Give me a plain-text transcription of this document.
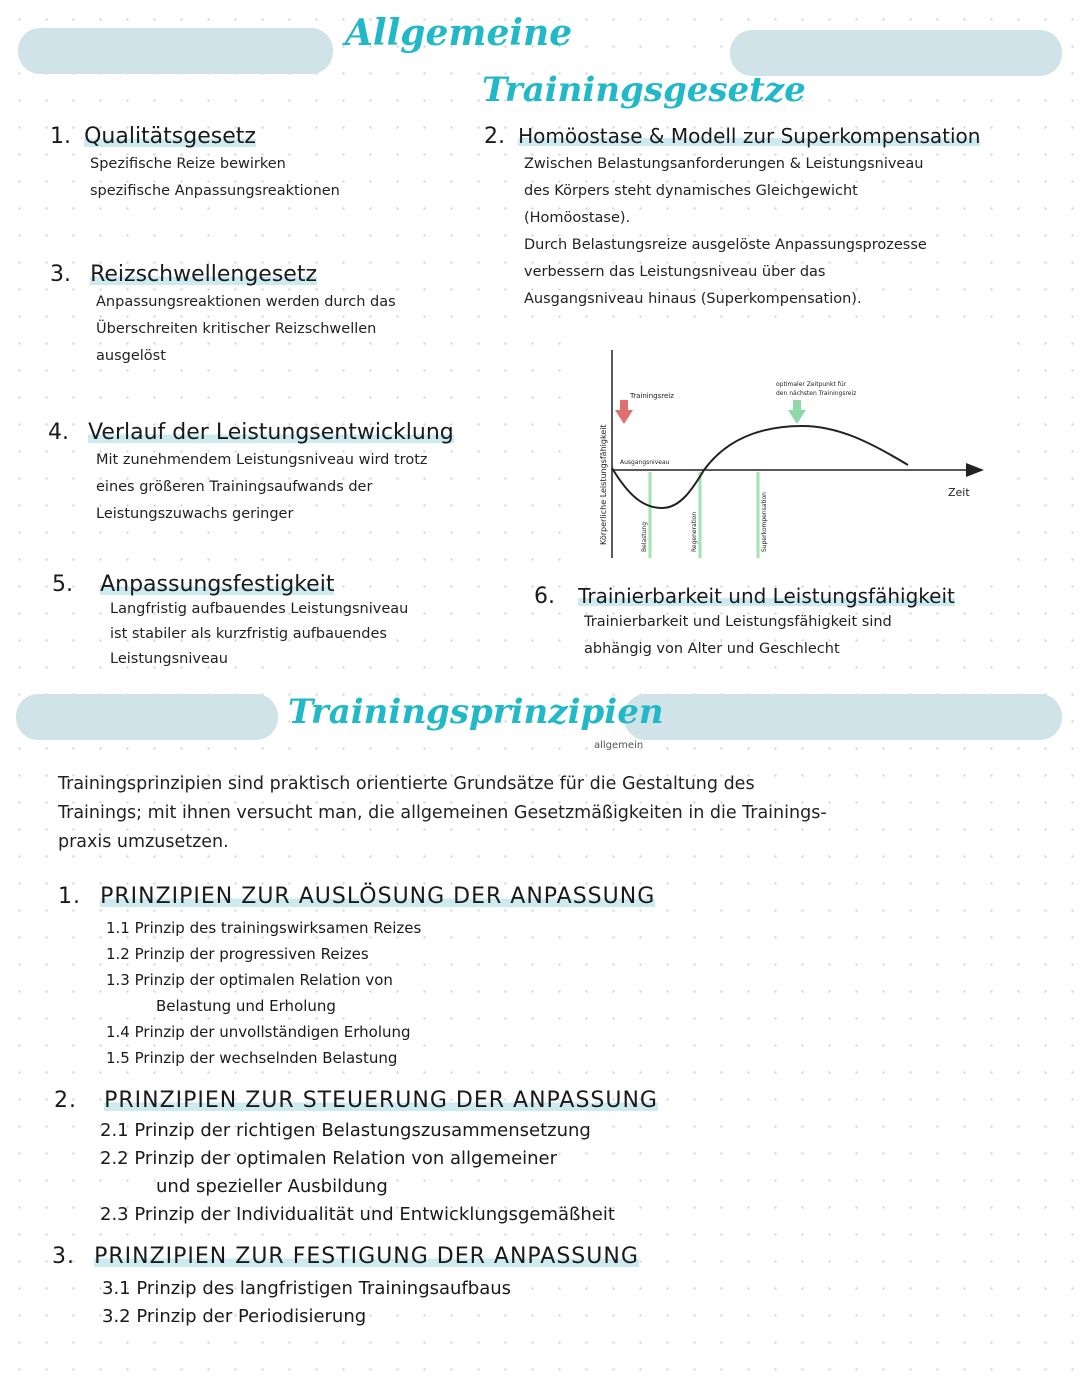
Allgemeine
Trainingsgesetze
1. Qualitätsgesetz
Spezifische Reize bewirken
spezifische Anpassungsreaktionen
2. Homöostase & Modell zur Superkompensation
Zwischen Belastungsanforderungen & Leistungsniveau
des Körpers steht dynamisches Gleichgewicht
(Homöostase).
Durch Belastungsreize ausgelöste Anpassungsprozesse
verbessern das Leistungsniveau über das
Ausgangsniveau hinaus (Superkompensation).
3. Reizschwellengesetz
Anpassungsreaktionen werden durch das
Überschreiten kritischer Reizschwellen
ausgelöst
4. Verlauf der Leistungsentwicklung
Mit zunehmendem Leistungsniveau wird trotz
eines größeren Trainingsaufwands der
Leistungszuwachs geringer
5. Anpassungsfestigkeit
Langfristig aufbauendes Leistungsniveau
ist stabiler als kurzfristig aufbauendes
Leistungsniveau
6. Trainierbarkeit und Leistungsfähigkeit
Trainierbarkeit und Leistungsfähigkeit sind
abhängig von Alter und Geschlecht
Körperliche Leistungsfähigkeit	Zeit
Ausgangsniveau
Trainingsreiz
optimaler Zeitpunkt für
den nächsten Trainingsreiz
Belastung	Regeneration	Superkompensation
Trainingsprinzipien
allgemein
Trainingsprinzipien sind praktisch orientierte Grundsätze für die Gestaltung des
Trainings; mit ihnen versucht man, die allgemeinen Gesetzmäßigkeiten in die Trainings-
praxis umzusetzen.
1. PRINZIPIEN ZUR AUSLÖSUNG DER ANPASSUNG
1.1 Prinzip des trainingswirksamen Reizes
1.2 Prinzip der progressiven Reizes
1.3 Prinzip der optimalen Relation von
Belastung und Erholung
1.4 Prinzip der unvollständigen Erholung
1.5 Prinzip der wechselnden Belastung
2. PRINZIPIEN ZUR STEUERUNG DER ANPASSUNG
2.1 Prinzip der richtigen Belastungszusammensetzung
2.2 Prinzip der optimalen Relation von allgemeiner
und spezieller Ausbildung
2.3 Prinzip der Individualität und Entwicklungsgemäßheit
3. PRINZIPIEN ZUR FESTIGUNG DER ANPASSUNG
3.1 Prinzip des langfristigen Trainingsaufbaus
3.2 Prinzip der Periodisierung
